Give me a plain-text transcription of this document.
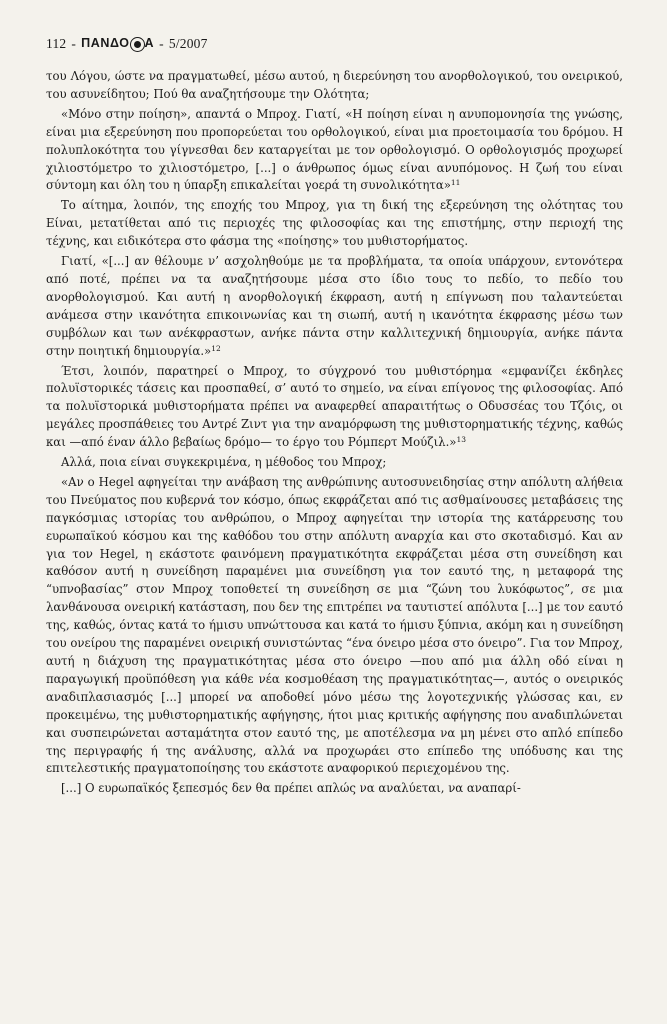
112 - ΠΑΝΔΟ Α - 5/2007

του Λόγου, ώστε να πραγματωθεί, μέσω αυτού, η διερεύνηση του ανορθολογικού, του ονειρικού, του ασυνείδητου; Πού θα αναζητήσουμε την Ολότητα;

«Μόνο στην ποίηση», απαντά ο Μπροχ. Γιατί, «Η ποίηση είναι η ανυπομονησία της γνώσης, είναι μια εξερεύνηση που προπορεύεται του ορθολογικού, είναι μια προετοιμασία του δρόμου. Η πολυπλοκότητα του γίγνεσθαι δεν καταργείται με τον ορθολογισμό. Ο ορθολογισμός προχωρεί χιλιοστόμετρο το χιλιοστόμετρο, [...] ο άνθρωπος όμως είναι ανυπόμονος. Η ζωή του είναι σύντομη και όλη του η ύπαρξη επικαλείται γοερά τη συνολικότητα»$^{11}$

Το αίτημα, λοιπόν, της εποχής του Μπροχ, για τη δική της εξερεύνηση της ολότητας του Είναι, μετατίθεται από τις περιοχές της φιλοσοφίας και της επιστήμης, στην περιοχή της τέχνης, και ειδικότερα στο φάσμα της «ποίησης» του μυθιστορήματος.

Γιατί, «[...] αν θέλουμε ν’ ασχοληθούμε με τα προβλήματα, τα οποία υπάρχουν, εντονότερα από ποτέ, πρέπει να τα αναζητήσουμε μέσα στο ίδιο τους το πεδίο, το πεδίο του ανορθολογισμού. Και αυτή η ανορθολογική έκφραση, αυτή η επίγνωση που ταλαντεύεται ανάμεσα στην ικανότητα επικοινωνίας και τη σιωπή, αυτή η ικανότητα έκφρασης μέσω των συμβόλων και των ανέκφραστων, ανήκε πάντα στην καλλιτεχνική δημιουργία, ανήκε πάντα στην ποιητική δημιουργία.»$^{12}$

Έτσι, λοιπόν, παρατηρεί ο Μπροχ, το σύγχρονό του μυθιστόρημα «εμφανίζει έκδηλες πολυϊστορικές τάσεις και προσπαθεί, σ’ αυτό το σημείο, να είναι επίγονος της φιλοσοφίας. Από τα πολυϊστορικά μυθιστορήματα πρέπει να αναφερθεί απαραιτήτως ο Οδυσσέας του Τζόις, οι μεγάλες προσπάθειες του Αντρέ Ζιντ για την αναμόρφωση της μυθιστορηματικής τέχνης, καθώς και —από έναν άλλο βεβαίως δρόμο— το έργο του Ρόμπερτ Μούζιλ.»$^{13}$

Αλλά, ποια είναι συγκεκριμένα, η μέθοδος του Μπροχ;

«Αν ο Hegel αφηγείται την ανάβαση της ανθρώπινης αυτοσυνειδησίας στην απόλυτη αλήθεια του Πνεύματος που κυβερνά τον κόσμο, όπως εκφράζεται από τις ασθμαίνουσες μεταβάσεις της παγκόσμιας ιστορίας του ανθρώπου, ο Μπροχ αφηγείται την ιστορία της κατάρρευσης του ευρωπαϊκού κόσμου και της καθόδου του στην απόλυτη αναρχία και στο σκοταδισμό. Και αν για τον Hegel, η εκάστοτε φαινόμενη πραγματικότητα εκφράζεται μέσα στη συνείδηση και καθόσον αυτή η συνείδηση παραμένει μια συνείδηση για τον εαυτό της, η μεταφορά της “υπνοβασίας” στον Μπροχ τοποθετεί τη συνείδηση σε μια “ζώνη του λυκόφωτος”, σε μια λανθάνουσα ονειρική κατάσταση, που δεν της επιτρέπει να ταυτιστεί απόλυτα [...] με τον εαυτό της, καθώς, όντας κατά το ήμισυ υπνώττουσα και κατά το ήμισυ ξύπνια, ακόμη και η συνείδηση του ονείρου της παραμένει ονειρική συνιστώντας “ένα όνειρο μέσα στο όνειρο”. Για τον Μπροχ, αυτή η διάχυση της πραγματικότητας μέσα στο όνειρο —που από μια άλλη οδό είναι η παραγωγική προϋπόθεση για κάθε νέα κοσμοθέαση της πραγματικότητας—, αυτός ο ονειρικός αναδιπλασιασμός [...] μπορεί να αποδοθεί μόνο μέσω της λογοτεχνικής γλώσσας και, εν προκειμένω, της μυθιστορηματικής αφήγησης, ήτοι μιας κριτικής αφήγησης που αναδιπλώνεται και συσπειρώνεται ασταμάτητα στον εαυτό της, με αποτέλεσμα να μη μένει στο απλό επίπεδο της περιγραφής ή της ανάλυσης, αλλά να προχωράει στο επίπεδο της υπόδυσης και της επιτελεστικής πραγματοποίησης του εκάστοτε αναφορικού περιεχομένου της.

[...] Ο ευρωπαϊκός ξεπεσμός δεν θα πρέπει απλώς να αναλύεται, να αναπαρί-
